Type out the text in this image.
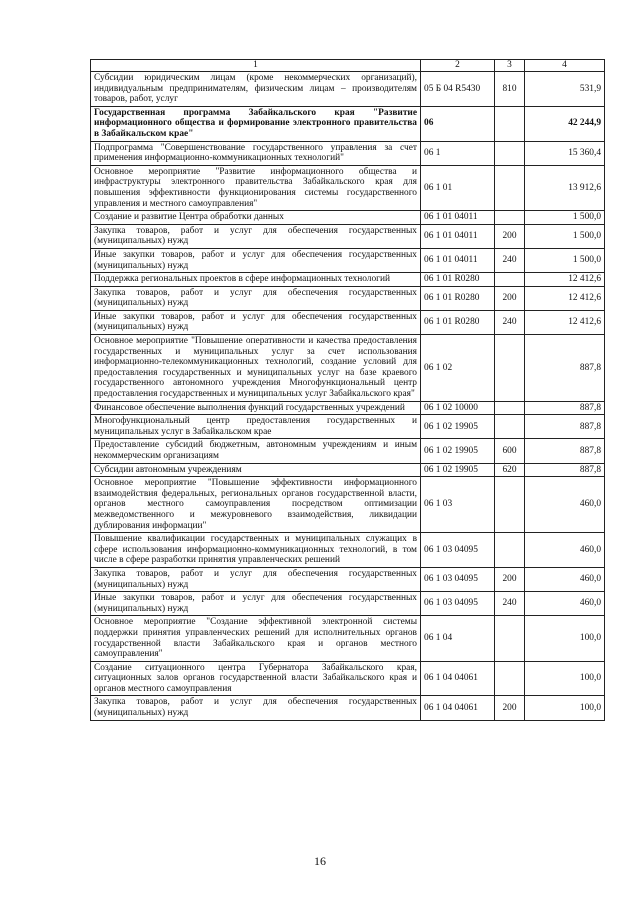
1	2	3	4
Субсидии юридическим лицам (кроме некоммерческих организаций), индивидуальным предпринимателям, физическим лицам – производителям товаров, работ, услуг	05 Б 04 R5430	810	531,9
Государственная программа Забайкальского края "Развитие информационного общества и формирование электронного правительства в Забайкальском крае"	06		42 244,9
Подпрограмма "Совершенствование государственного управления за счет применения информационно-коммуникационных технологий"	06 1		15 360,4
Основное мероприятие "Развитие информационного общества и инфраструктуры электронного правительства Забайкальского края для повышения эффективности функционирования системы государственного управления и местного самоуправления"	06 1 01		13 912,6
Создание и развитие Центра обработки данных	06 1 01 04011		1 500,0
Закупка товаров, работ и услуг для обеспечения государственных (муниципальных) нужд	06 1 01 04011	200	1 500,0
Иные закупки товаров, работ и услуг для обеспечения государственных (муниципальных) нужд	06 1 01 04011	240	1 500,0
Поддержка региональных проектов в сфере информационных технологий	06 1 01 R0280		12 412,6
Закупка товаров, работ и услуг для обеспечения государственных (муниципальных) нужд	06 1 01 R0280	200	12 412,6
Иные закупки товаров, работ и услуг для обеспечения государственных (муниципальных) нужд	06 1 01 R0280	240	12 412,6
Основное мероприятие "Повышение оперативности и качества предоставления государственных и муниципальных услуг за счет использования информационно-телекоммуникационных технологий, создание условий для предоставления государственных и муниципальных услуг на базе краевого государственного автономного учреждения Многофункциональный центр предоставления государственных и муниципальных услуг Забайкальского края"	06 1 02		887,8
Финансовое обеспечение выполнения функций государственных учреждений	06 1 02 10000		887,8
Многофункциональный центр предоставления государственных и муниципальных услуг в Забайкальском крае	06 1 02 19905		887,8
Предоставление субсидий бюджетным, автономным учреждениям и иным некоммерческим организациям	06 1 02 19905	600	887,8
Субсидии автономным учреждениям	06 1 02 19905	620	887,8
Основное мероприятие "Повышение эффективности информационного взаимодействия федеральных, региональных органов государственной власти, органов местного самоуправления посредством оптимизации межведомственного и межуровневого взаимодействия, ликвидации дублирования информации"	06 1 03		460,0
Повышение квалификации государственных и муниципальных служащих в сфере использования информационно-коммуникационных технологий, в том числе в сфере разработки принятия управленческих решений	06 1 03 04095		460,0
Закупка товаров, работ и услуг для обеспечения государственных (муниципальных) нужд	06 1 03 04095	200	460,0
Иные закупки товаров, работ и услуг для обеспечения государственных (муниципальных) нужд	06 1 03 04095	240	460,0
Основное мероприятие "Создание эффективной электронной системы поддержки принятия управленческих решений для исполнительных органов государственной власти Забайкальского края и органов местного самоуправления"	06 1 04		100,0
Создание ситуационного центра Губернатора Забайкальского края, ситуационных залов органов государственной власти Забайкальского края и органов местного самоуправления	06 1 04 04061		100,0
Закупка товаров, работ и услуг для обеспечения государственных (муниципальных) нужд	06 1 04 04061	200	100,0
16
